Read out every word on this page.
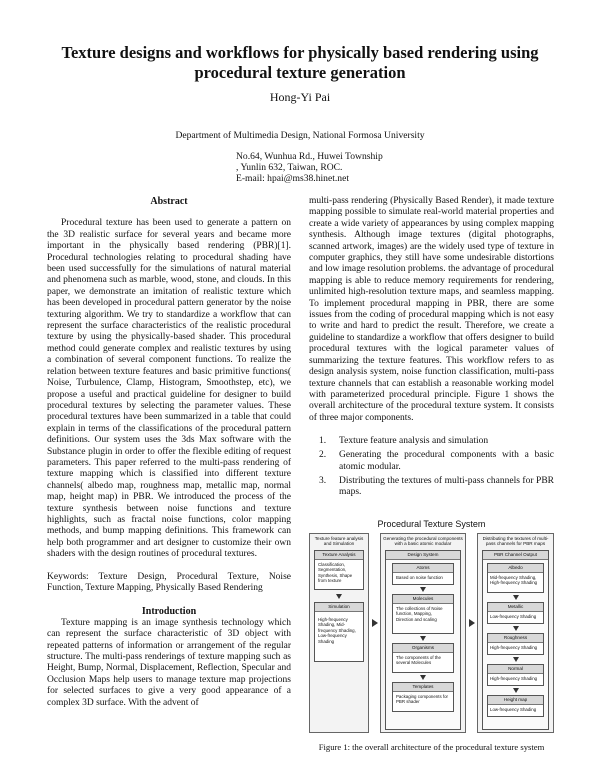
Texture designs and workflows for physically based rendering using procedural texture generation
Hong-Yi Pai
Department of Multimedia Design, National Formosa University
No.64, Wunhua Rd., Huwei Township
, Yunlin 632, Taiwan, ROC.
E-mail: hpai@ms38.hinet.net
Abstract

Procedural texture has been used to generate a pattern on the 3D realistic surface for several years and became more important in the physically based rendering (PBR)[1]. Procedural technologies relating to procedural shading have been used successfully for the simulations of natural material and phenomena such as marble, wood, stone, and clouds. In this paper, we demonstrate an imitation of realistic texture which has been developed in procedural pattern generator by the noise texturing algorithm. We try to standardize a workflow that can represent the surface characteristics of the realistic procedural texture by using the physically-based shader. This procedural method could generate complex and realistic textures by using a combination of several component functions. To realize the relation between texture features and basic primitive functions( Noise, Turbulence, Clamp, Histogram, Smoothstep, etc), we propose a useful and practical guideline for designer to build procedural textures by selecting the parameter values. These procedural textures have been summarized in a table that could explain in terms of the classifications of the procedural pattern definitions. Our system uses the 3ds Max software with the Substance plugin in order to offer the flexible editing of request parameters. This paper referred to the multi-pass rendering of texture mapping which is classified into different texture channels( albedo map, roughness map, metallic map, normal map, height map) in PBR. We introduced the process of the texture synthesis between noise functions and texture highlights, such as fractal noise functions, color mapping methods, and bump mapping definitions. This framework can help both programmer and art designer to customize their own shaders with the design routines of procedural textures.

Keywords: Texture Design, Procedural Texture, Noise Function, Texture Mapping, Physically Based Rendering

Introduction

Texture mapping is an image synthesis technology which can represent the surface characteristic of 3D object with repeated patterns of information or arrangement of the regular structure. The multi-pass renderings of texture mapping such as Height, Bump, Normal, Displacement, Reflection, Specular and Occlusion Maps help users to manage texture map projections for selected surfaces to give a very good appearance of a complex 3D surface. With the advent of

multi-pass rendering (Physically Based Render), it made texture mapping possible to simulate real-world material properties and create a wide variety of appearances by using complex mapping synthesis. Although image textures (digital photographs, scanned artwork, images) are the widely used type of texture in computer graphics, they still have some undesirable distortions and low image resolution problems. the advantage of procedural mapping is able to reduce memory requirements for rendering, unlimited high-resolution texture maps, and seamless mapping. To implement procedural mapping in PBR, there are some issues from the coding of procedural mapping which is not easy to write and hard to predict the result. Therefore, we create a guideline to standardize a workflow that offers designer to build procedural textures with the logical parameter values of summarizing the texture features. This workflow refers to as design analysis system, noise function classification, multi-pass texture channels that can establish a reasonable working model with parameterized procedural principle. Figure 1 shows the overall architecture of the procedural texture system. It consists of three major components.

1. Texture feature analysis and simulation
2. Generating the procedural components with a basic atomic modular.
3. Distributing the textures of multi-pass channels for PBR maps.
Procedural Texture System
Texture feature analysis and Simulation
Texture Analysis
Classification, Segmentation, Synthesis, Shape from texture
Simulation
High-frequency Shading, Mid-frequency Shading, Low-frequency Shading
Generating the procedural components with a basic atomic modular
Design System
Atoms
Based on noise function
Molecules
The collections of Noise function, Mapping, Direction and scaling
Organisms
The components of the several Molecules
Templates
Packaging components for PBR shader
Distributing the textures of multi-pass channels for PBR maps
PBR Channel Output
Albedo
Mid-frequency Shading, High-frequency Shading
Metallic
Low-frequency Shading
Roughness
High-frequency Shading
Normal
High-frequency Shading
Height map
Low-frequency Shading
Figure 1: the overall architecture of the procedural texture system
